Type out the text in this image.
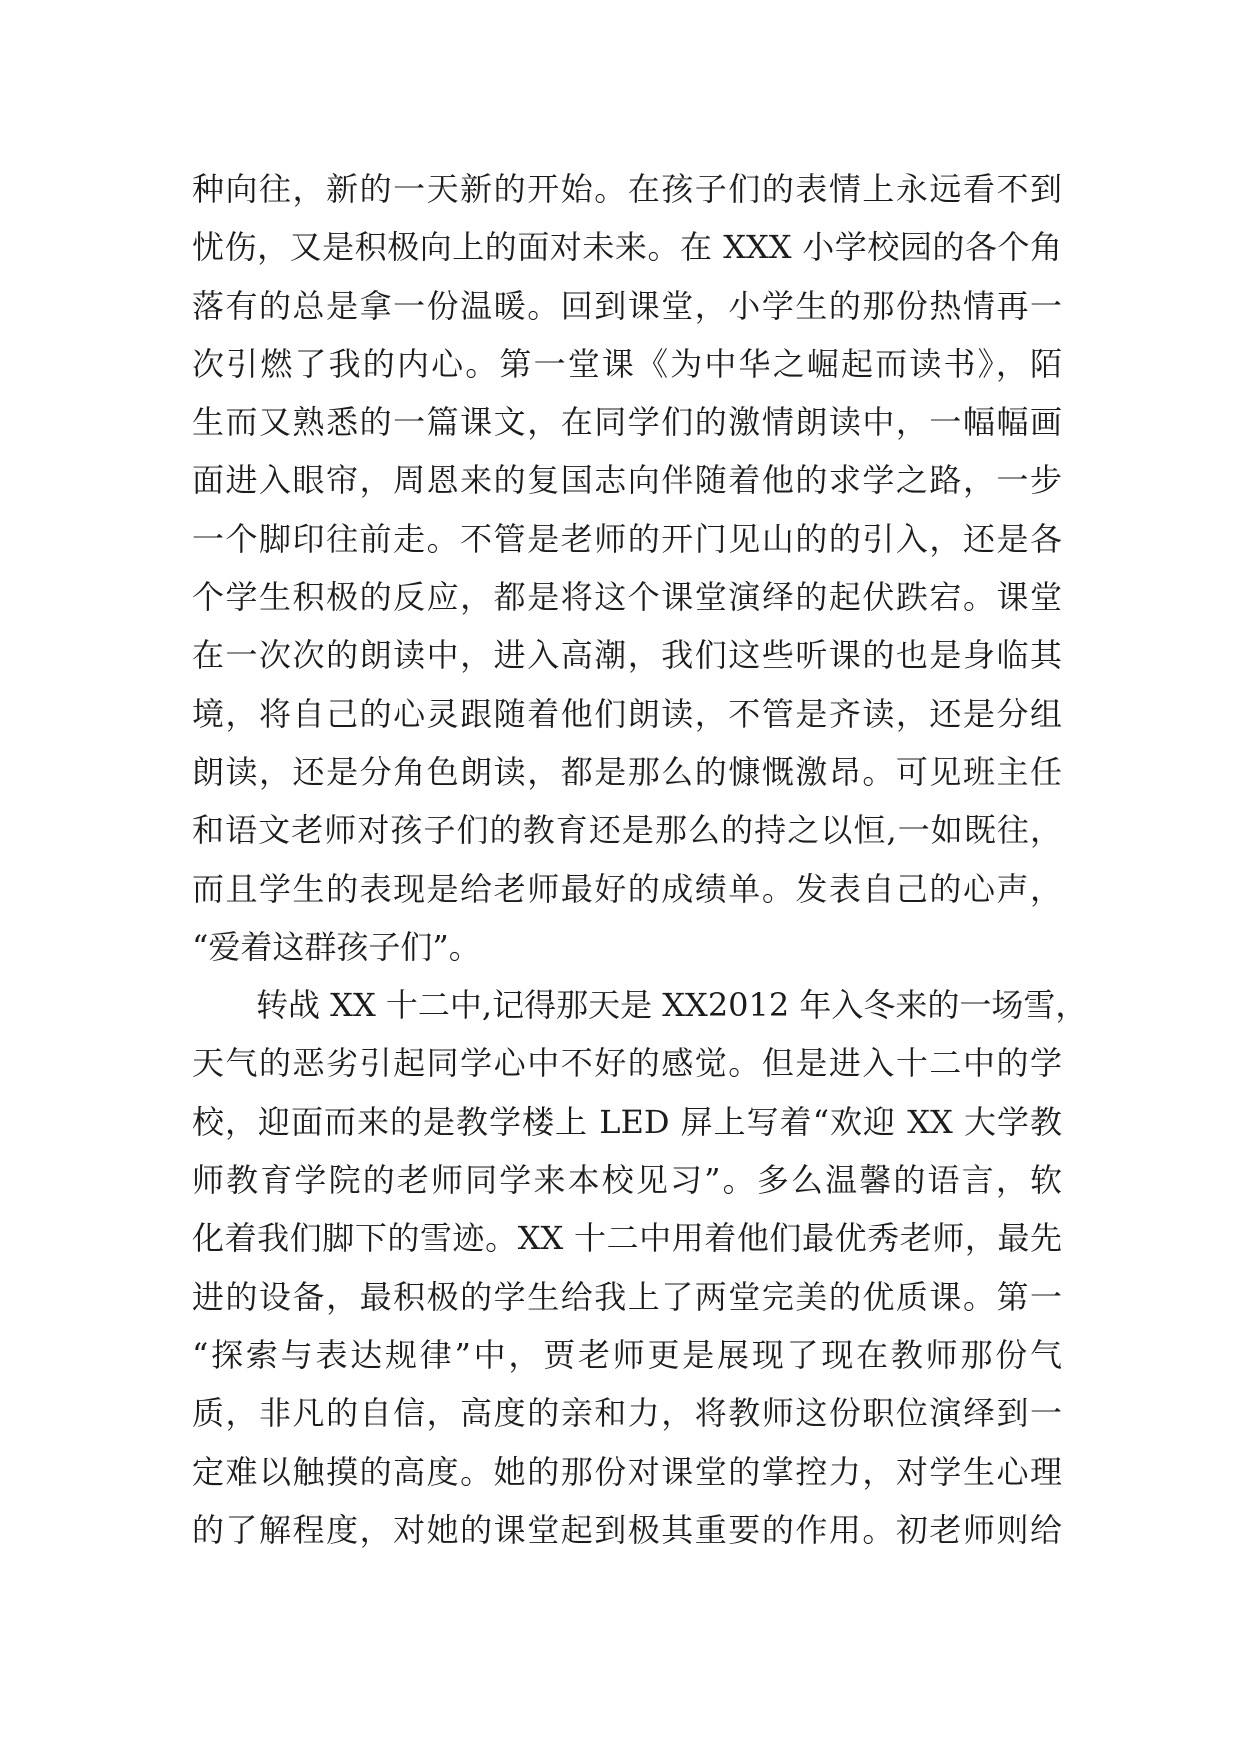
种向往，新的一天新的开始。在孩子们的表情上永远看不到
忧伤，又是积极向上的面对未来。在 XXX 小学校园的各个角
落有的总是拿一份温暖。回到课堂，小学生的那份热情再一
次引燃了我的内心。第一堂课《为中华之崛起而读书》，陌
生而又熟悉的一篇课文，在同学们的激情朗读中，一幅幅画
面进入眼帘，周恩来的复国志向伴随着他的求学之路，一步
一个脚印往前走。不管是老师的开门见山的的引入，还是各
个学生积极的反应，都是将这个课堂演绎的起伏跌宕。课堂
在一次次的朗读中，进入高潮，我们这些听课的也是身临其
境，将自己的心灵跟随着他们朗读，不管是齐读，还是分组
朗读，还是分角色朗读，都是那么的慷慨激昂。可见班主任
和语文老师对孩子们的教育还是那么的持之以恒,一如既往，
而且学生的表现是给老师最好的成绩单。发表自己的心声，
“爱着这群孩子们”。
转战 XX 十二中,记得那天是 XX2012 年入冬来的一场雪，
天气的恶劣引起同学心中不好的感觉。但是进入十二中的学
校，迎面而来的是教学楼上 LED 屏上写着“欢迎 XX 大学教
师教育学院的老师同学来本校见习”。多么温馨的语言，软
化着我们脚下的雪迹。XX 十二中用着他们最优秀老师，最先
进的设备，最积极的学生给我上了两堂完美的优质课。第一
“探索与表达规律”中，贾老师更是展现了现在教师那份气
质，非凡的自信，高度的亲和力，将教师这份职位演绎到一
定难以触摸的高度。她的那份对课堂的掌控力，对学生心理
的了解程度，对她的课堂起到极其重要的作用。初老师则给
